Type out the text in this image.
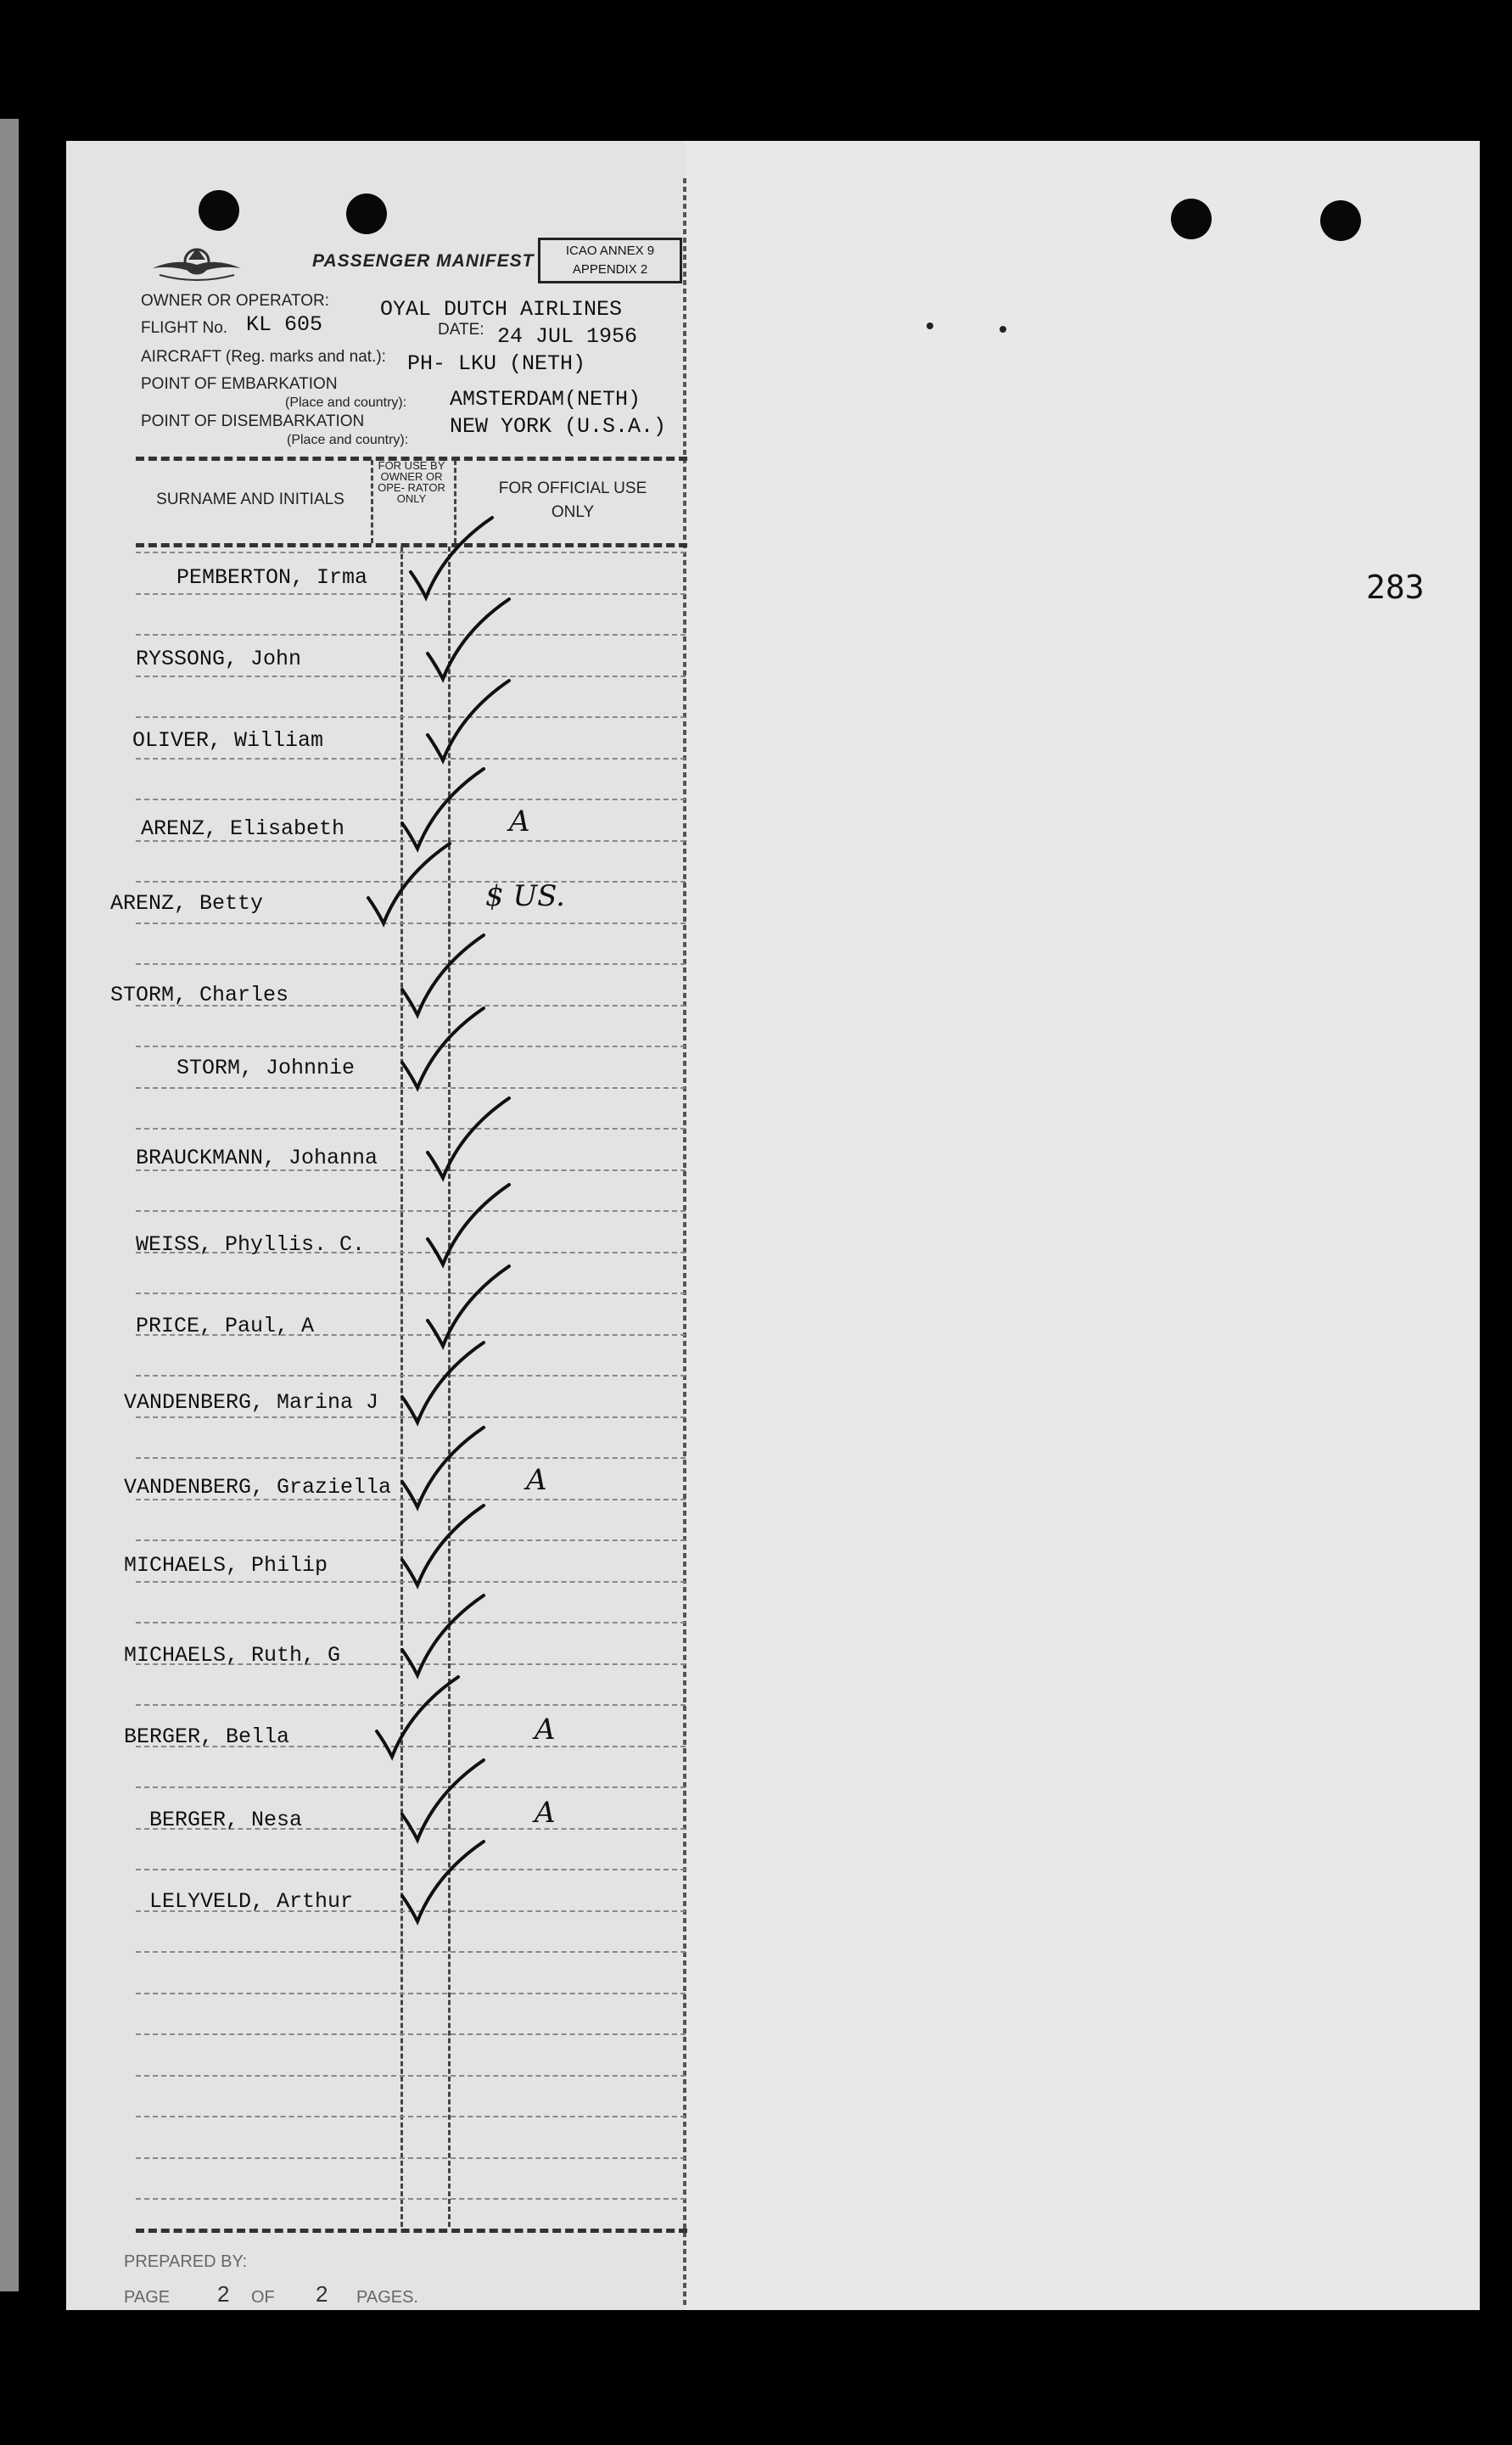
PASSENGER MANIFEST
ICAO ANNEX 9
APPENDIX 2
OWNER OR OPERATOR: OYAL DUTCH AIRLINES
FLIGHT No. KL 605	DATE: 24 JUL 1956
AIRCRAFT (Reg. marks and nat.): PH- LKU (NETH)
POINT OF EMBARKATION
(Place and country): AMSTERDAM(NETH)
POINT OF DISEMBARKATION
(Place and country):
NEW YORK (U.S.A.)
SURNAME AND INITIALS
FOR USE BY OWNER OR OPE- RATOR ONLY
FOR OFFICIAL USE ONLY
PEMBERTON, Irma
RYSSONG, John
OLIVER, William
ARENZ, Elisabeth	A
ARENZ, Betty	$ US.
STORM, Charles
STORM, Johnnie
BRAUCKMANN, Johanna
WEISS, Phyllis. C.
PRICE, Paul, A
VANDENBERG, Marina J
VANDENBERG, Graziella	A
MICHAELS, Philip
MICHAELS, Ruth, G
BERGER, Bella	A
BERGER, Nesa	A
LELYVELD, Arthur
283
PREPARED BY:
PAGE 2 OF 2 PAGES.
